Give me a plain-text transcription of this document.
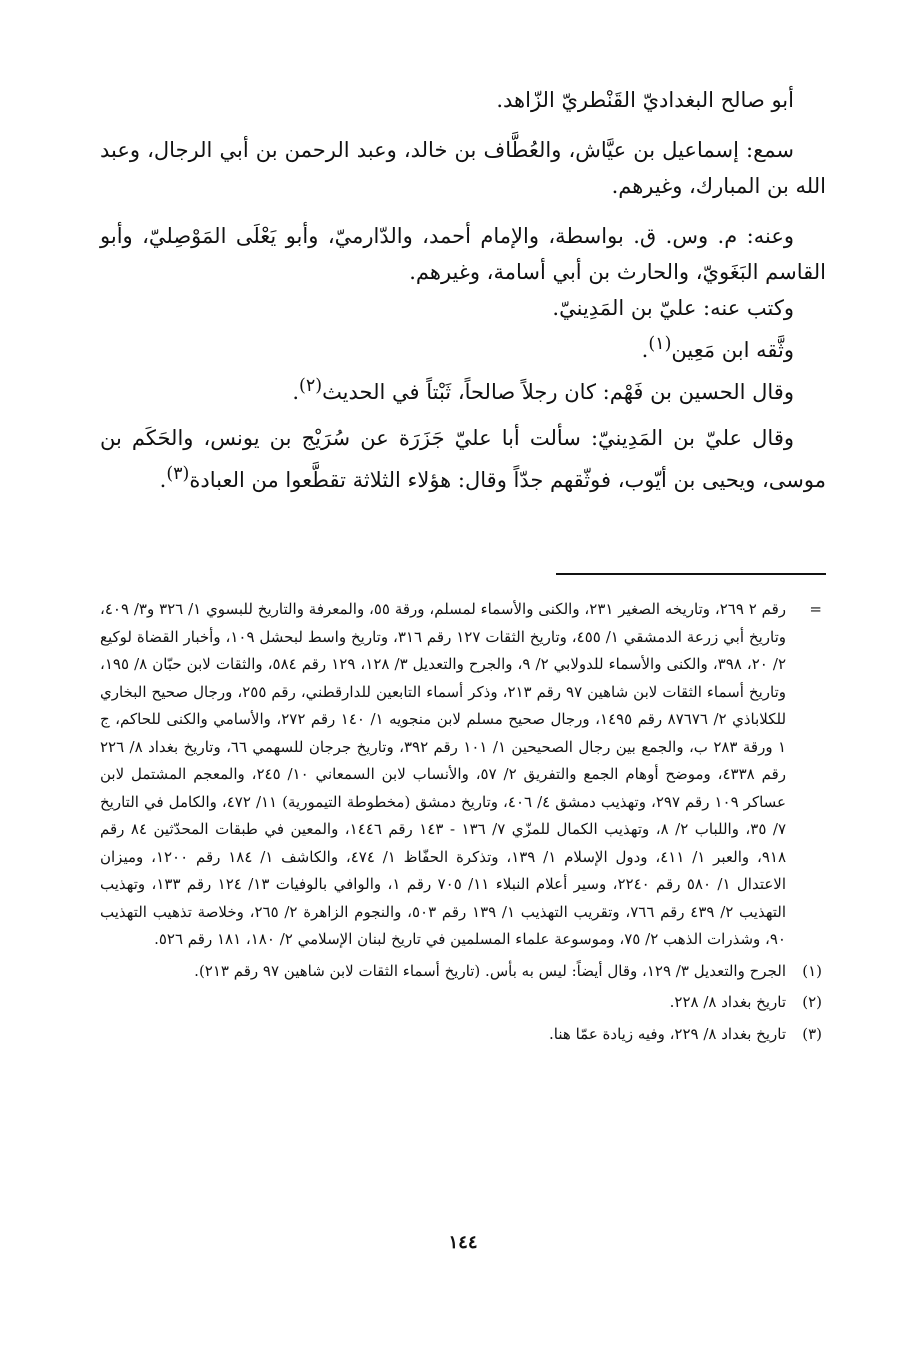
أبو صالح البغداديّ القَنْطريّ الزّاهد.

سمع: إسماعيل بن عيَّاش، والعُطَّاف بن خالد، وعبد الرحمن بن أبي الرجال، وعبد الله بن المبارك، وغيرهم.

وعنه: م. وس. ق. بواسطة، والإمام أحمد، والدّارميّ، وأبو يَعْلَى المَوْصِليّ، وأبو القاسم البَغَويّ، والحارث بن أبي أسامة، وغيرهم.
وكتب عنه: عليّ بن المَدِينيّ.
وثَّقه ابن مَعِين$^{(١)}$.
وقال الحسين بن فَهْم: كان رجلاً صالحاً، ثَبْتاً في الحديث$^{(٢)}$.

وقال عليّ بن المَدِينيّ: سألت أبا عليّ جَزَرَة عن سُرَيْج بن يونس، والحَكَم بن موسى، ويحيى بن أيّوب، فوثّقهم جدّاً وقال: هؤلاء الثلاثة تقطَّعوا من العبادة$^{(٣)}$.

=
رقم ٢ ٢٦٩، وتاريخه الصغير ٢٣١، والكنى والأسماء لمسلم، ورقة ٥٥، والمعرفة والتاريخ للبسوي ١/ ٣٢٦ و٣/ ٤٠٩، وتاريخ أبي زرعة الدمشقي ١/ ٤٥٥، وتاريخ الثقات ١٢٧ رقم ٣١٦، وتاريخ واسط لبحشل ١٠٩، وأخبار القضاة لوكيع ٢/ ٢٠، ٣٩٨، والكنى والأسماء للدولابي ٢/ ٩، والجرح والتعديل ٣/ ١٢٨، ١٢٩ رقم ٥٨٤، والثقات لابن حبّان ٨/ ١٩٥، وتاريخ أسماء الثقات لابن شاهين ٩٧ رقم ٢١٣، وذكر أسماء التابعين للدارقطني، رقم ٢٥٥، ورجال صحيح البخاري للكلاباذي ٢/ ٨٧٦٧٦ رقم ١٤٩٥، ورجال صحيح مسلم لابن منجويه ١/ ١٤٠ رقم ٢٧٢، والأسامي والكنى للحاكم، ج ١ ورقة ٢٨٣ ب، والجمع بين رجال الصحيحين ١/ ١٠١ رقم ٣٩٢، وتاريخ جرجان للسهمي ٦٦، وتاريخ بغداد ٨/ ٢٢٦ رقم ٤٣٣٨، وموضح أوهام الجمع والتفريق ٢/ ٥٧، والأنساب لابن السمعاني ١٠/ ٢٤٥، والمعجم المشتمل لابن عساكر ١٠٩ رقم ٢٩٧، وتهذيب دمشق ٤/ ٤٠٦، وتاريخ دمشق (مخطوطة التيمورية) ١١/ ٤٧٢، والكامل في التاريخ ٧/ ٣٥، واللباب ٢/ ٨، وتهذيب الكمال للمزّي ٧/ ١٣٦ - ١٤٣ رقم ١٤٤٦، والمعين في طبقات المحدّثين ٨٤ رقم ٩١٨، والعبر ١/ ٤١١، ودول الإسلام ١/ ١٣٩، وتذكرة الحفّاظ ١/ ٤٧٤، والكاشف ١/ ١٨٤ رقم ١٢٠٠، وميزان الاعتدال ١/ ٥٨٠ رقم ٢٢٤٠، وسير أعلام النبلاء ١١/ ٧٠٥ رقم ١، والوافي بالوفيات ١٣/ ١٢٤ رقم ١٣٣، وتهذيب التهذيب ٢/ ٤٣٩ رقم ٧٦٦، وتقريب التهذيب ١/ ١٣٩ رقم ٥٠٣، والنجوم الزاهرة ٢/ ٢٦٥، وخلاصة تذهيب التهذيب ٩٠، وشذرات الذهب ٢/ ٧٥، وموسوعة علماء المسلمين في تاريخ لبنان الإسلامي ٢/ ١٨٠، ١٨١ رقم ٥٢٦.
(١)
الجرح والتعديل ٣/ ١٢٩، وقال أيضاً: ليس به بأس. (تاريخ أسماء الثقات لابن شاهين ٩٧ رقم ٢١٣).
(٢)
تاريخ بغداد ٨/ ٢٢٨.
(٣)
تاريخ بغداد ٨/ ٢٢٩، وفيه زيادة عمّا هنا.
١٤٤
